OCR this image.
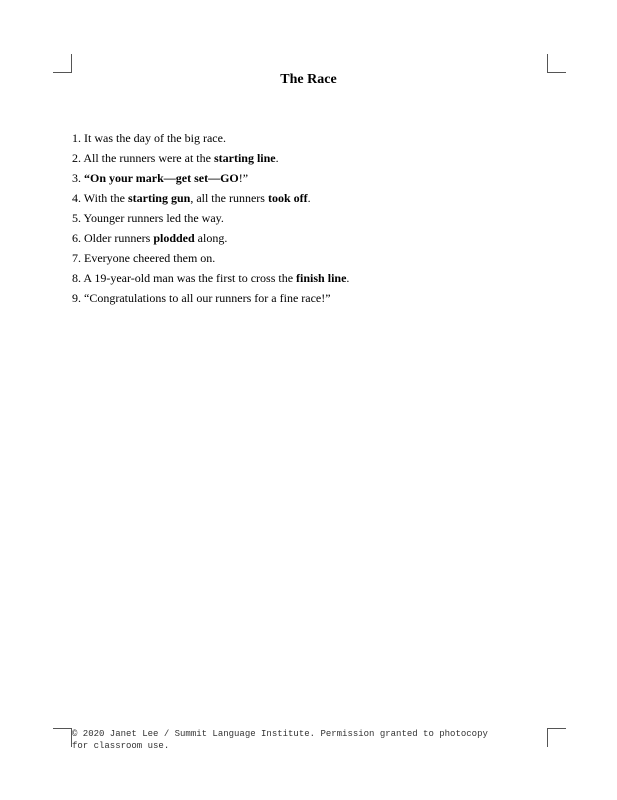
The Race
1. It was the day of the big race.
2. All the runners were at the starting line.
3. “On your mark—get set—GO!”
4. With the starting gun, all the runners took off.
5. Younger runners led the way.
6. Older runners plodded along.
7. Everyone cheered them on.
8. A 19-year-old man was the first to cross the finish line.
9. “Congratulations to all our runners for a fine race!”
© 2020 Janet Lee / Summit Language Institute. Permission granted to photocopy
for classroom use.
